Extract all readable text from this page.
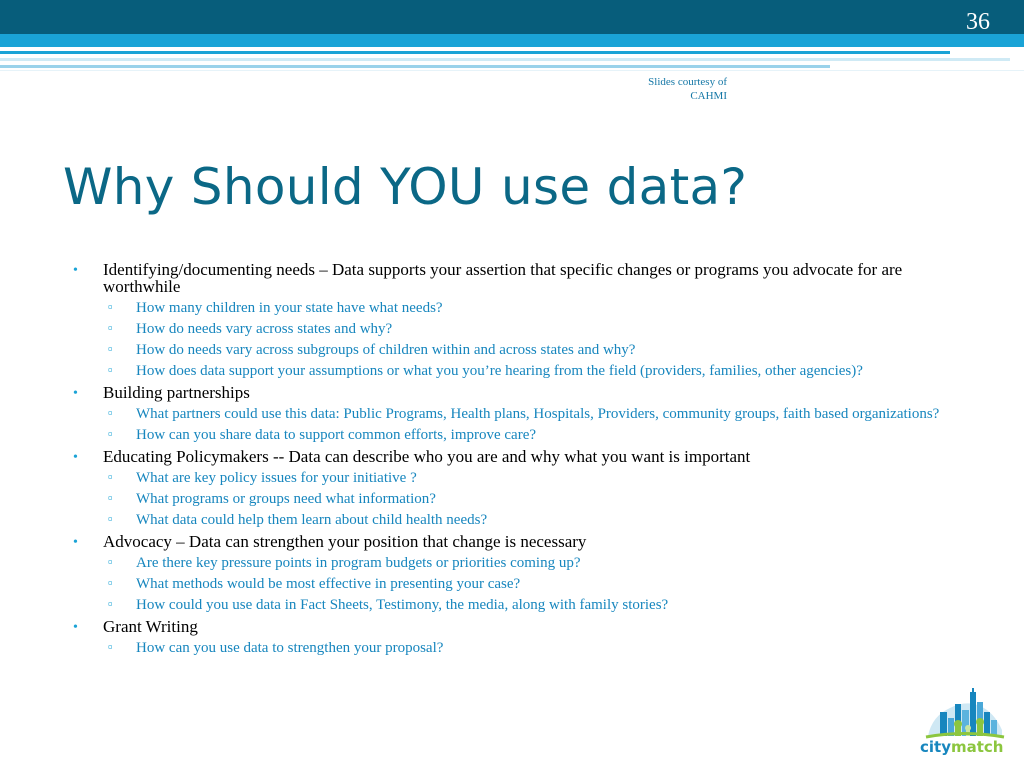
36
Slides courtesy of
CAHMI
Why Should YOU use data?
• Identifying/documenting needs – Data supports your assertion that specific changes or programs you advocate for are worthwhile
▫ How many children in your state have what needs?
▫ How do needs vary across states and why?
▫ How do needs vary across subgroups of children within and across states and why?
▫ How does data support your assumptions or what you you’re hearing from the field (providers, families, other agencies)?
• Building partnerships
▫ What partners could use this data: Public Programs, Health plans, Hospitals, Providers, community groups, faith based organizations?
▫ How can you share data to support common efforts, improve care?
• Educating Policymakers -- Data can describe who you are and why what you want is important
▫ What are key policy issues for your initiative ?
▫ What programs or groups need what information?
▫ What data could help them learn about child health needs?
• Advocacy – Data can strengthen your position that change is necessary
▫ Are there key pressure points in program budgets or priorities coming up?
▫ What methods would be most effective in presenting your case?
▫ How could you use data in Fact Sheets, Testimony, the media, along with family stories?
• Grant Writing
▫ How can you use data to strengthen your proposal?
citymatch
